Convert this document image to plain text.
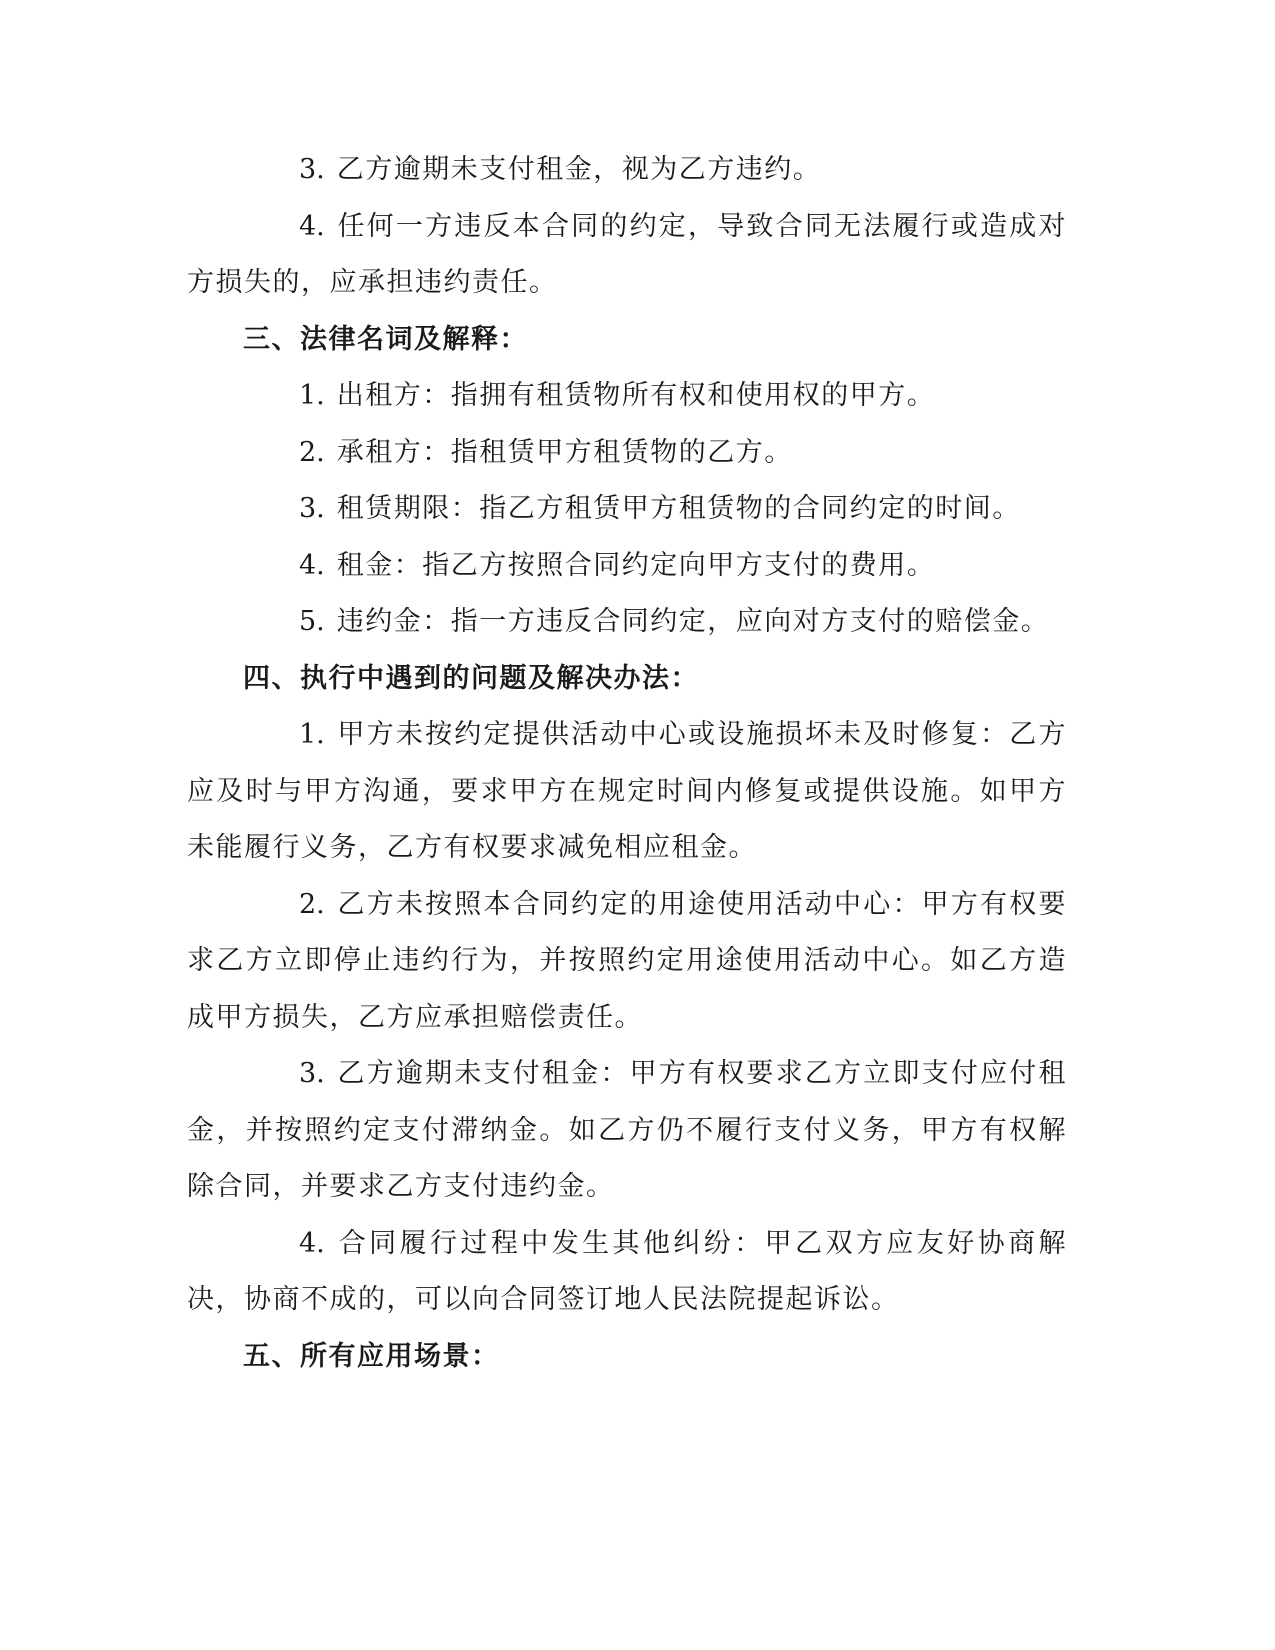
3. 乙方逾期未支付租金，视为乙方违约。

4. 任何一方违反本合同的约定，导致合同无法履行或造成对方损失的，应承担违约责任。

三、法律名词及解释：

1. 出租方：指拥有租赁物所有权和使用权的甲方。

2. 承租方：指租赁甲方租赁物的乙方。

3. 租赁期限：指乙方租赁甲方租赁物的合同约定的时间。

4. 租金：指乙方按照合同约定向甲方支付的费用。

5. 违约金：指一方违反合同约定，应向对方支付的赔偿金。

四、执行中遇到的问题及解决办法：

1. 甲方未按约定提供活动中心或设施损坏未及时修复：乙方应及时与甲方沟通，要求甲方在规定时间内修复或提供设施。如甲方未能履行义务，乙方有权要求减免相应租金。

2. 乙方未按照本合同约定的用途使用活动中心：甲方有权要求乙方立即停止违约行为，并按照约定用途使用活动中心。如乙方造成甲方损失，乙方应承担赔偿责任。

3. 乙方逾期未支付租金：甲方有权要求乙方立即支付应付租金，并按照约定支付滞纳金。如乙方仍不履行支付义务，甲方有权解除合同，并要求乙方支付违约金。

4. 合同履行过程中发生其他纠纷：甲乙双方应友好协商解决，协商不成的，可以向合同签订地人民法院提起诉讼。

五、所有应用场景：
